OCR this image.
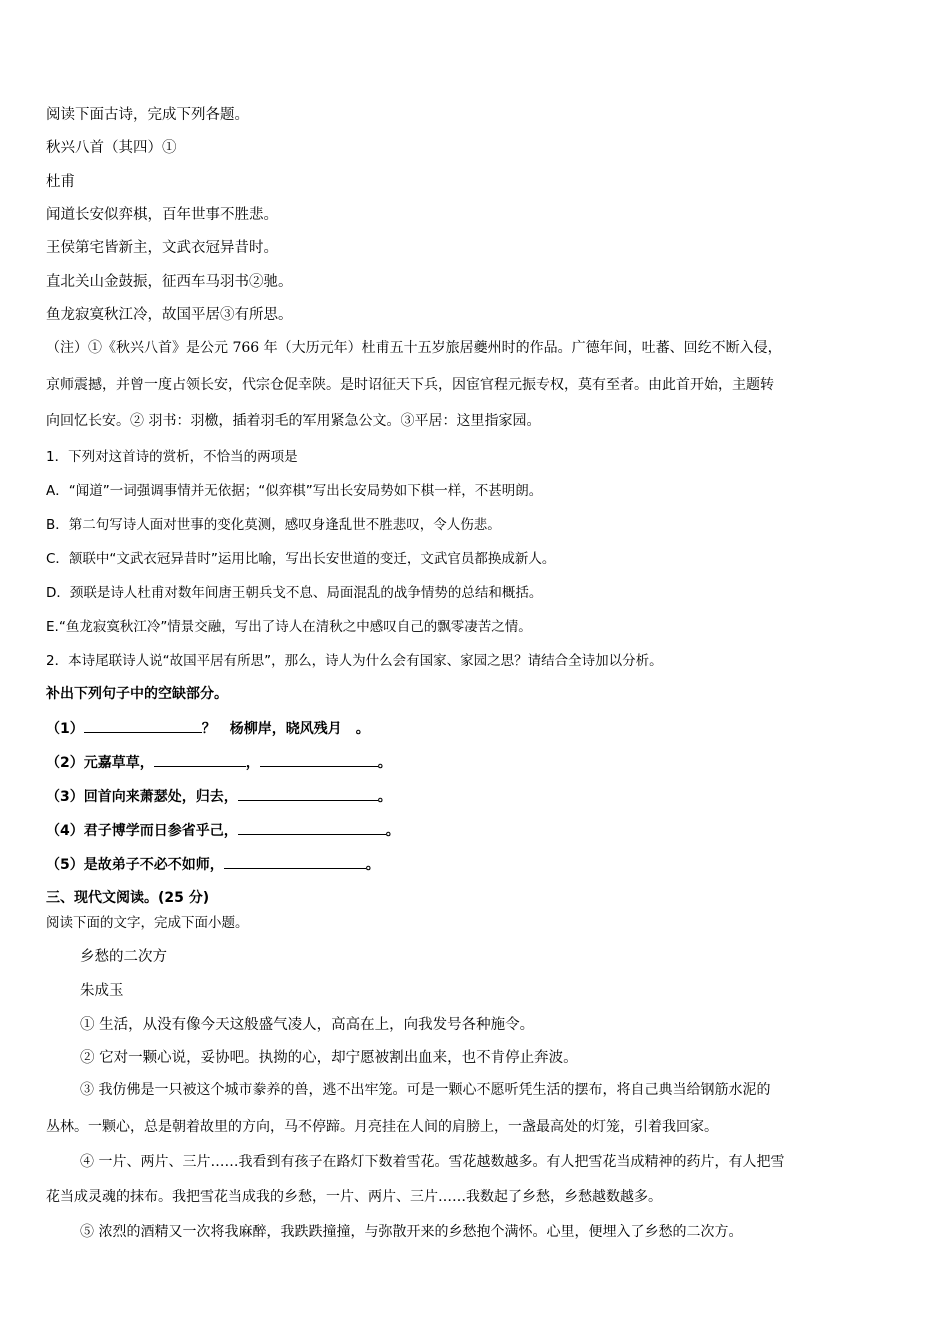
阅读下面古诗，完成下列各题。
秋兴八首（其四）①
杜甫
闻道长安似弈棋，百年世事不胜悲。
王侯第宅皆新主，文武衣冠异昔时。
直北关山金鼓振，征西车马羽书②驰。
鱼龙寂寞秋江冷，故国平居③有所思。
（注）①《秋兴八首》是公元 766 年（大历元年）杜甫五十五岁旅居夔州时的作品。广德年间，吐蕃、回纥不断入侵，
京师震撼，并曾一度占领长安，代宗仓促幸陕。是时诏征天下兵，因宦官程元振专权，莫有至者。由此首开始，主题转
向回忆长安。② 羽书：羽檄，插着羽毛的军用紧急公文。③平居：这里指家园。
1．下列对这首诗的赏析，不恰当的两项是
A．“闻道”一词强调事情并无依据；“似弈棋”写出长安局势如下棋一样，不甚明朗。
B．第二句写诗人面对世事的变化莫测，感叹身逢乱世不胜悲叹，令人伤悲。
C．颔联中“文武衣冠异昔时”运用比喻，写出长安世道的变迁，文武官员都换成新人。
D．颈联是诗人杜甫对数年间唐王朝兵戈不息、局面混乱的战争情势的总结和概括。
E.“鱼龙寂寞秋江冷”情景交融，写出了诗人在清秋之中感叹自己的飘零凄苦之情。
2．本诗尾联诗人说“故国平居有所思”，那么，诗人为什么会有国家、家园之思？请结合全诗加以分析。
补出下列句子中的空缺部分。
（1）	？　杨柳岸，晓风残月　。
（2）元嘉草草，	，	。
（3）回首向来萧瑟处，归去，	。
（4）君子博学而日参省乎己，	。
（5）是故弟子不必不如师，	。
三、现代文阅读。(25 分)
阅读下面的文字，完成下面小题。
乡愁的二次方
朱成玉
① 生活，从没有像今天这般盛气凌人，高高在上，向我发号各种施令。
② 它对一颗心说，妥协吧。执拗的心，却宁愿被割出血来，也不肯停止奔波。
③ 我仿佛是一只被这个城市豢养的兽，逃不出牢笼。可是一颗心不愿听凭生活的摆布，将自己典当给钢筋水泥的
丛林。一颗心，总是朝着故里的方向，马不停蹄。月亮挂在人间的肩膀上，一盏最高处的灯笼，引着我回家。
④ 一片、两片、三片……我看到有孩子在路灯下数着雪花。雪花越数越多。有人把雪花当成精神的药片，有人把雪
花当成灵魂的抹布。我把雪花当成我的乡愁，一片、两片、三片……我数起了乡愁，乡愁越数越多。
⑤ 浓烈的酒精又一次将我麻醉，我跌跌撞撞，与弥散开来的乡愁抱个满怀。心里，便埋入了乡愁的二次方。
